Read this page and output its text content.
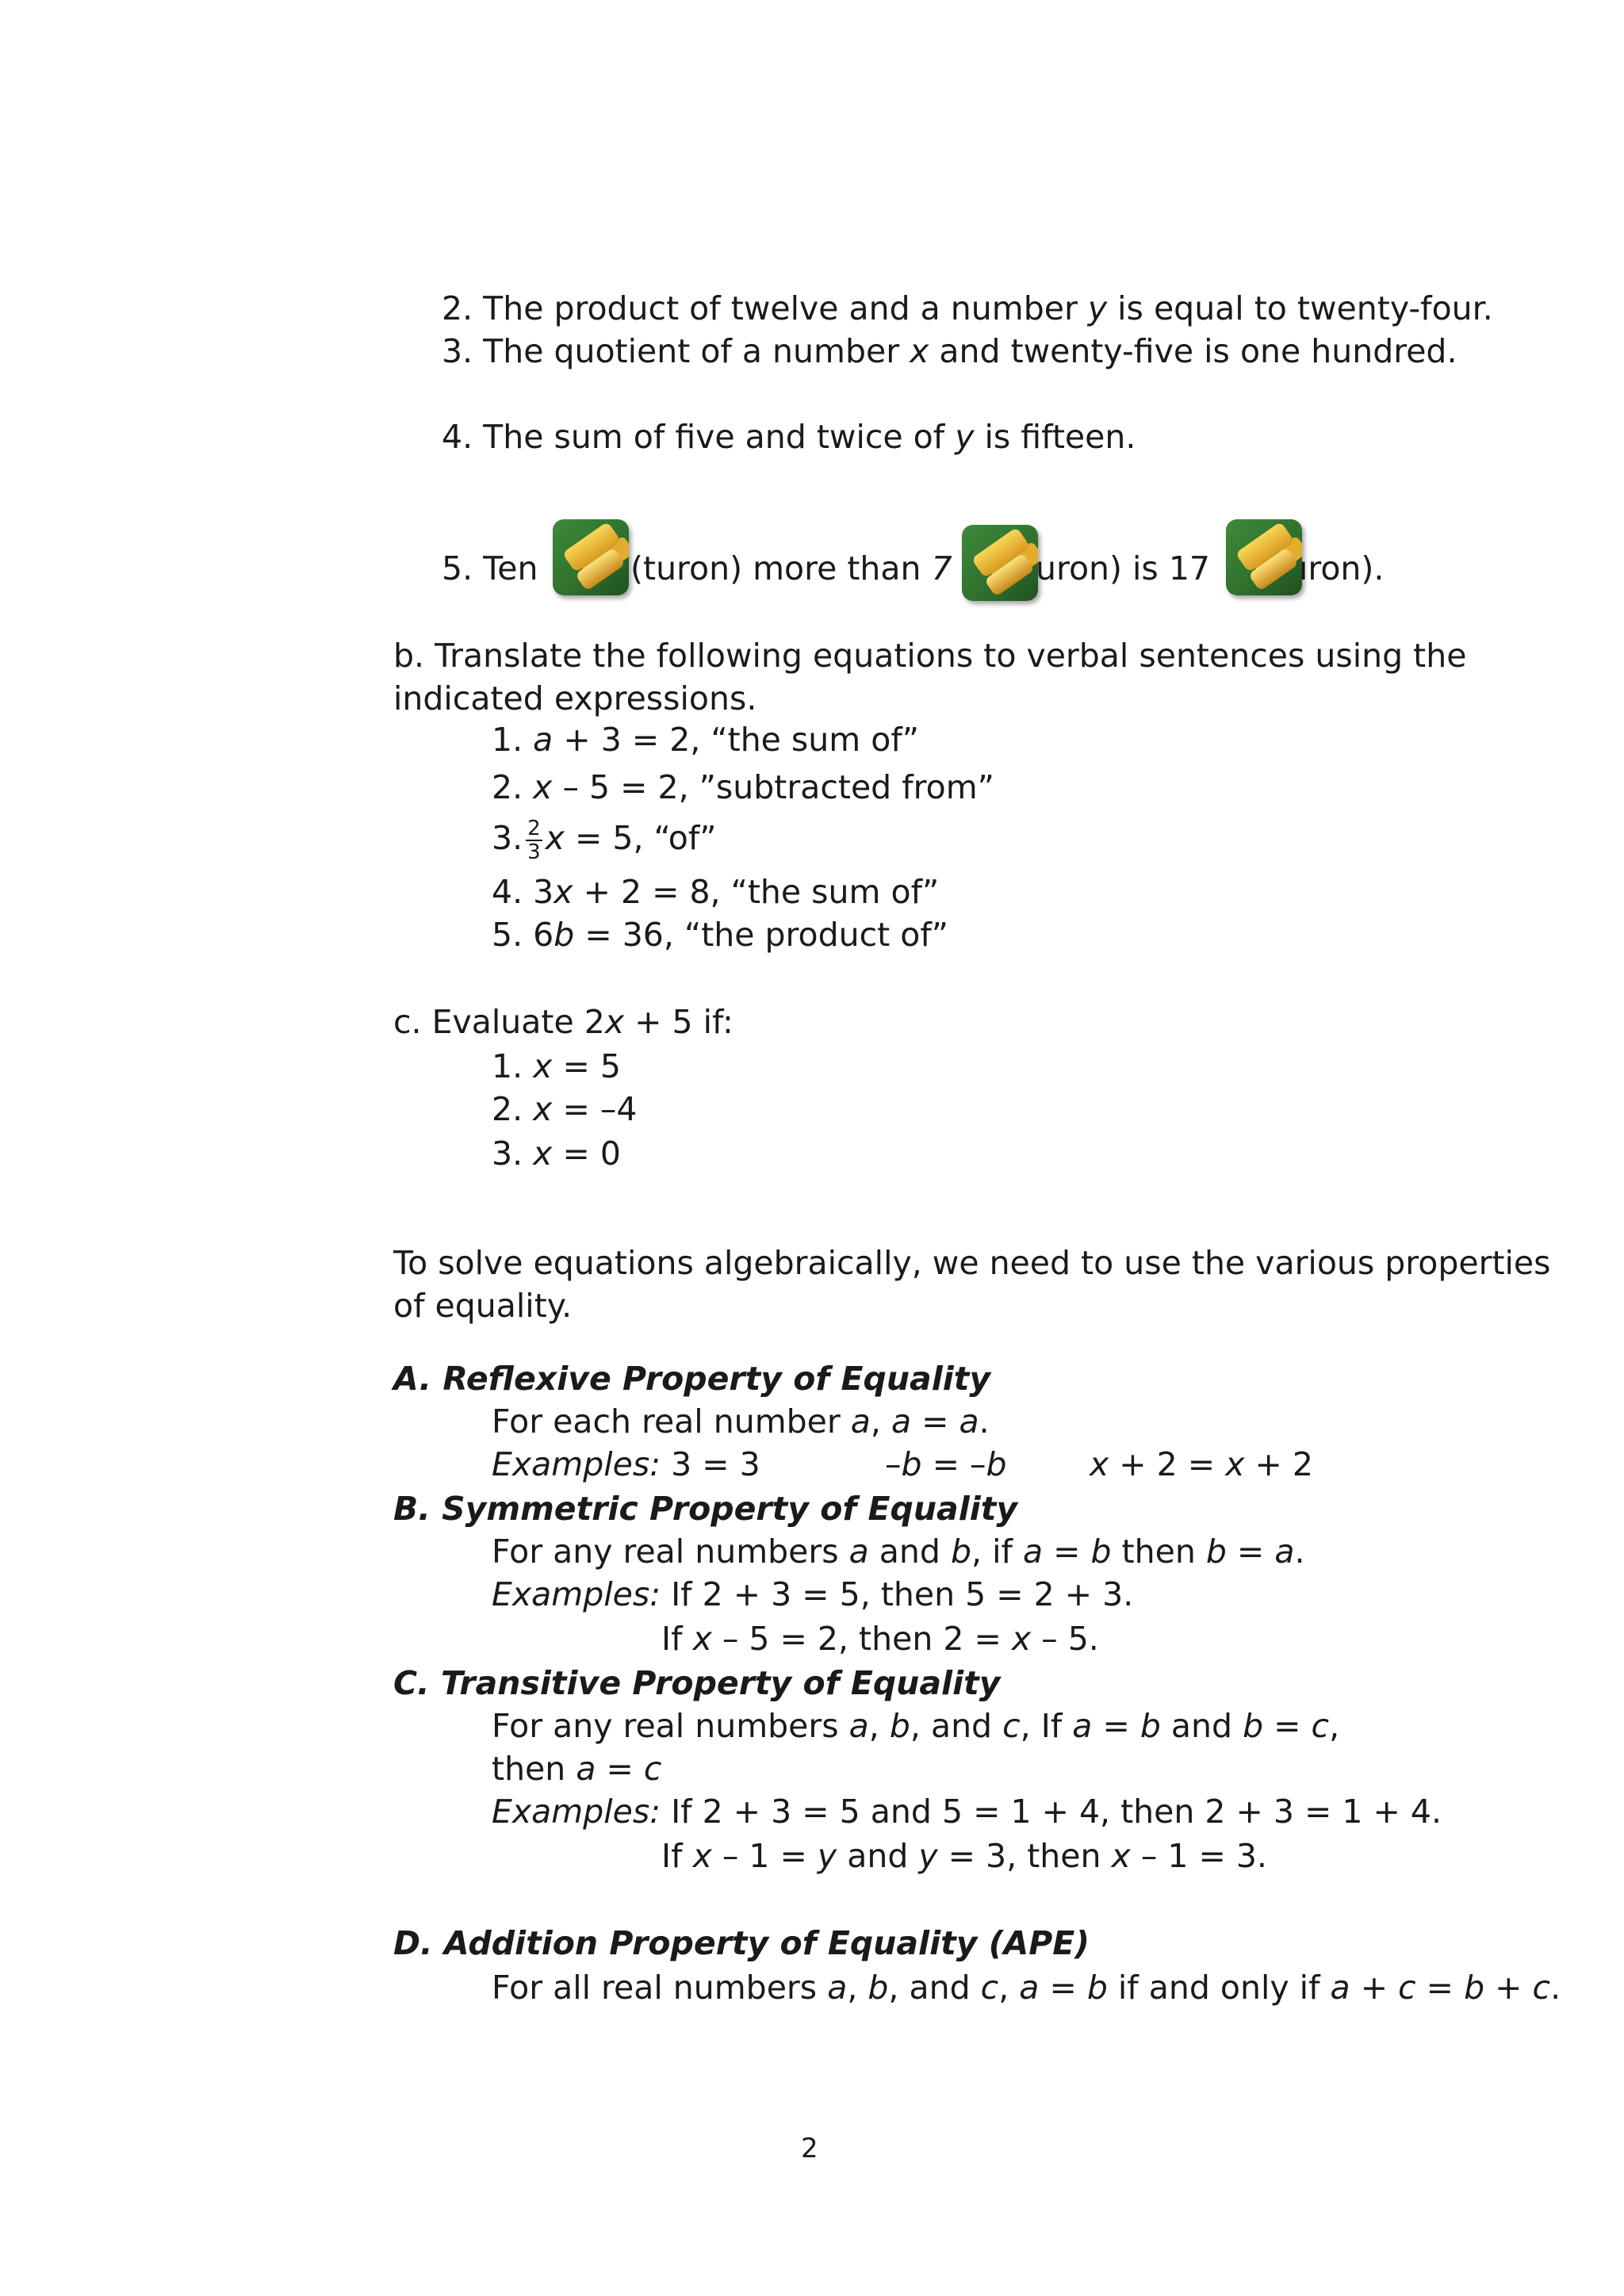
2. The product of twelve and a number y is equal to twenty-four.
3. The quotient of a number x and twenty-five is one hundred.
4. The sum of five and twice of y is fifteen.
5. Ten	(turon) more than 7	uron) is 17	ıron).
b. Translate the following equations to verbal sentences using the
indicated expressions.
1. a + 3 = 2, “the sum of”
2. x – 5 = 2, ”subtracted from”
3. $\frac{2}{3}$ x = 5, “of”
4. 3x + 2 = 8, “the sum of”
5. 6b = 36, “the product of”
c. Evaluate 2x + 5 if:
1. x = 5
2. x = –4
3. x = 0
To solve equations algebraically, we need to use the various properties
of equality.
A. Reflexive Property of Equality
For each real number a, a = a.
Examples: 3 = 3	–b = –b	x + 2 = x + 2
B. Symmetric Property of Equality
For any real numbers a and b, if a = b then b = a.
Examples: If 2 + 3 = 5, then 5 = 2 + 3.
If x – 5 = 2, then 2 = x – 5.
C. Transitive Property of Equality
For any real numbers a, b, and c, If a = b and b = c,
then a = c
Examples: If 2 + 3 = 5 and 5 = 1 + 4, then 2 + 3 = 1 + 4.
If x – 1 = y and y = 3, then x – 1 = 3.
D. Addition Property of Equality (APE)
For all real numbers a, b, and c, a = b if and only if a + c = b + c.
2
